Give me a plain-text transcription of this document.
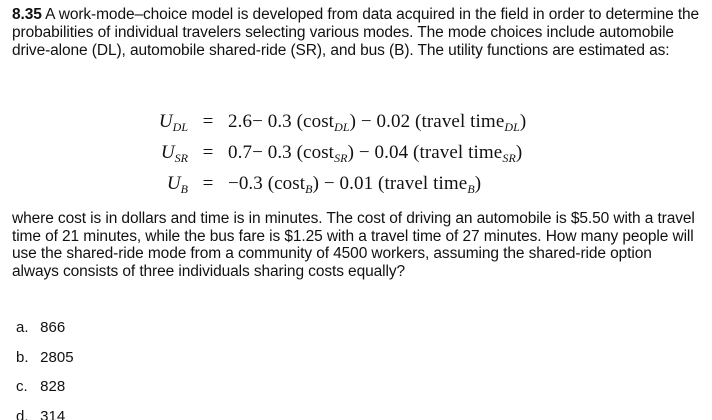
8.35 A work-mode–choice model is developed from data acquired in the field in order to determine the probabilities of individual travelers selecting various modes. The mode choices include automobile drive-alone (DL), automobile shared-ride (SR), and bus (B). The utility functions are estimated as:
$U_{DL} = 2.6- 0.3$ (cost$_{DL}$) − 0.02 (travel time$_{DL}$)
$U_{SR} = 0.7- 0.3$ (cost$_{SR}$) − 0.04 (travel time$_{SR}$)
$U_B = -0.3$ (cost$_B$) − 0.01 (travel time$_B$)
where cost is in dollars and time is in minutes. The cost of driving an automobile is $5.50 with a travel time of 21 minutes, while the bus fare is $1.25 with a travel time of 27 minutes. How many people will use the shared-ride mode from a community of 4500 workers, assuming the shared-ride option always consists of three individuals sharing costs equally?
a. 866
b. 2805
c. 828
d. 314
